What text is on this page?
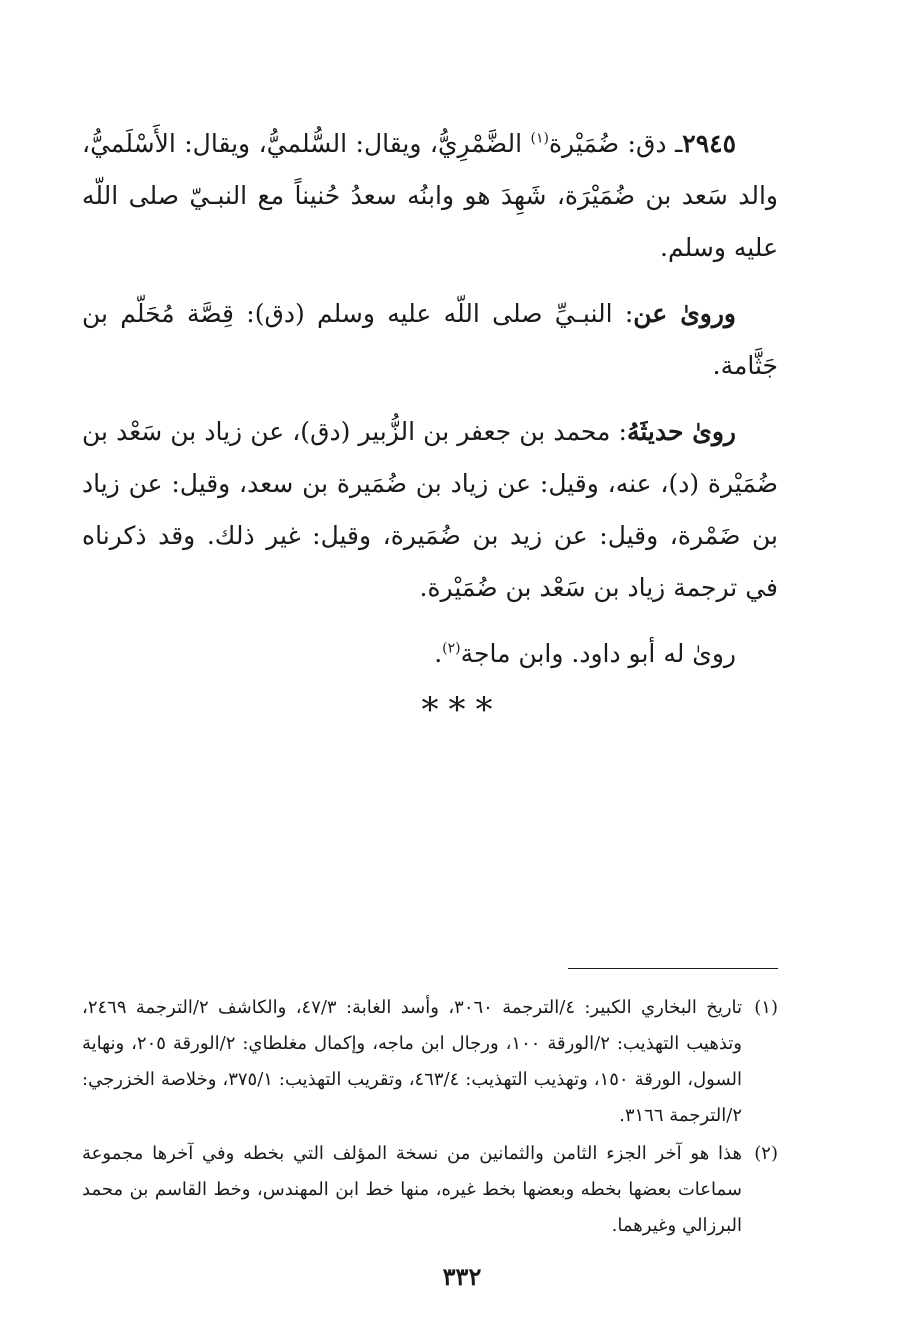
٢٩٤٥ـ دق: ضُمَيْرة$^{(١)}$ الضَّمْرِيُّ، ويقال: السُّلميُّ، ويقال: الأَسْلَميُّ، والد سَعد بن ضُمَيْرَة، شَهِدَ هو وابنُه سعدُ حُنيناً مع النبـيّ صلى اللّه عليه وسلم.

وروىٰ عن: النبـيِّ صلى اللّه عليه وسلم (دق): قِصَّة مُحَلّم بن جَثَّامة.

روىٰ حديثَهُ: محمد بن جعفر بن الزُّبير (دق)، عن زياد بن سَعْد بن ضُمَيْرة (د)، عنه، وقيل: عن زياد بن ضُمَيرة بن سعد، وقيل: عن زياد بن ضَمْرة، وقيل: عن زيد بن ضُمَيرة، وقيل: غير ذلك. وقد ذكرناه في ترجمة زياد بن سَعْد بن ضُمَيْرة.

روىٰ له أبو داود. وابن ماجة$^{(٢)}$.

***

(١)
تاريخ البخاري الكبير: ٤/الترجمة ٣٠٦٠، وأسد الغابة: ٤٧/٣، والكاشف ٢/الترجمة ٢٤٦٩، وتذهيب التهذيب: ٢/الورقة ١٠٠، ورجال ابن ماجه، وإكمال مغلطاي: ٢/الورقة ٢٠٥، ونهاية السول، الورقة ١٥٠، وتهذيب التهذيب: ٤٦٣/٤، وتقريب التهذيب: ٣٧٥/١، وخلاصة الخزرجي: ٢/الترجمة ٣١٦٦.

(٢)
هذا هو آخر الجزء الثامن والثمانين من نسخة المؤلف التي بخطه وفي آخرها مجموعة سماعات بعضها بخطه وبعضها بخط غيره، منها خط ابن المهندس، وخط القاسم بن محمد البرزالي وغيرهما.

٣٣٢
